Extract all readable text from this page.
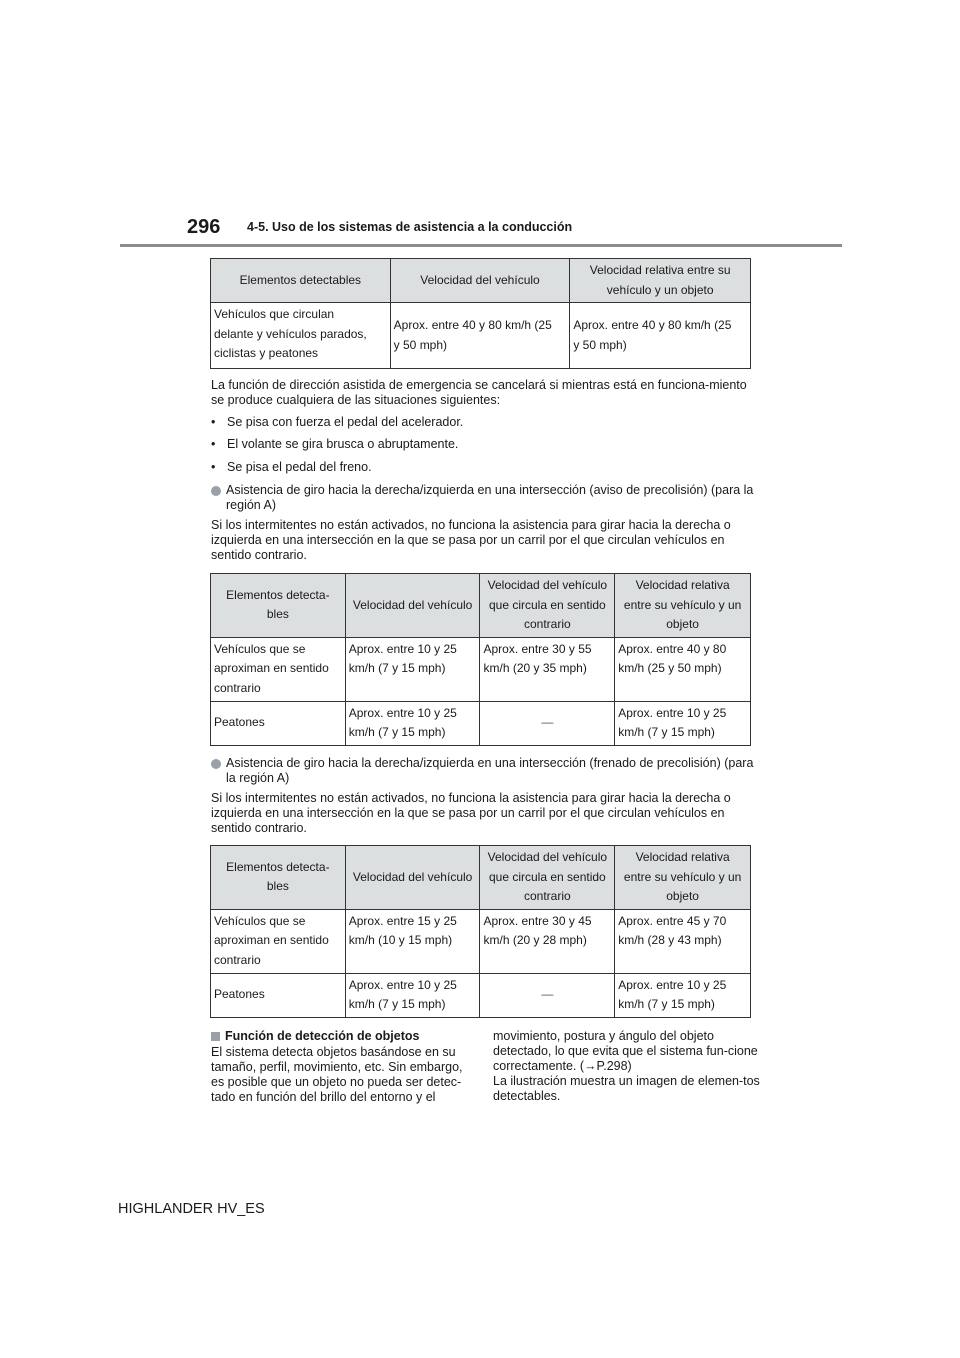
296 4-5. Uso de los sistemas de asistencia a la conducción
Elementos detectables	Velocidad del vehículo	Velocidad relativa entre su
vehículo y un objeto

Vehículos que circulan
delante y vehículos parados,
ciclistas y peatones	Aprox. entre 40 y 80 km/h (25
y 50 mph)	Aprox. entre 40 y 80 km/h (25
y 50 mph)
La función de dirección asistida de emergencia se cancelará si mientras está en funciona-miento se produce cualquiera de las situaciones siguientes:
• Se pisa con fuerza el pedal del acelerador.
• El volante se gira brusca o abruptamente.
• Se pisa el pedal del freno.
Asistencia de giro hacia la derecha/izquierda en una intersección (aviso de precolisión) (para la región A)
Si los intermitentes no están activados, no funciona la asistencia para girar hacia la derecha o izquierda en una intersección en la que se pasa por un carril por el que circulan vehículos en sentido contrario.
Elementos detecta-
bles	Velocidad del vehículo	Velocidad del vehículo
que circula en sentido
contrario	Velocidad relativa
entre su vehículo y un
objeto

Vehículos que se
aproximan en sentido
contrario	Aprox. entre 10 y 25
km/h (7 y 15 mph)	Aprox. entre 30 y 55
km/h (20 y 35 mph)	Aprox. entre 40 y 80
km/h (25 y 50 mph)

Peatones	Aprox. entre 10 y 25
km/h (7 y 15 mph)	—	Aprox. entre 10 y 25
km/h (7 y 15 mph)
Asistencia de giro hacia la derecha/izquierda en una intersección (frenado de precolisión) (para la región A)
Si los intermitentes no están activados, no funciona la asistencia para girar hacia la derecha o izquierda en una intersección en la que se pasa por un carril por el que circulan vehículos en sentido contrario.
Elementos detecta-
bles	Velocidad del vehículo	Velocidad del vehículo
que circula en sentido
contrario	Velocidad relativa
entre su vehículo y un
objeto

Vehículos que se
aproximan en sentido
contrario	Aprox. entre 15 y 25
km/h (10 y 15 mph)	Aprox. entre 30 y 45
km/h (20 y 28 mph)	Aprox. entre 45 y 70
km/h (28 y 43 mph)

Peatones	Aprox. entre 10 y 25
km/h (7 y 15 mph)	—	Aprox. entre 10 y 25
km/h (7 y 15 mph)
Función de detección de objetos
El sistema detecta objetos basándose en su tamaño, perfil, movimiento, etc. Sin embargo, es posible que un objeto no pueda ser detec-tado en función del brillo del entorno y el
movimiento, postura y ángulo del objeto detectado, lo que evita que el sistema fun-cione correctamente. (→P.298)
La ilustración muestra un imagen de elemen-tos detectables.
HIGHLANDER HV_ES
